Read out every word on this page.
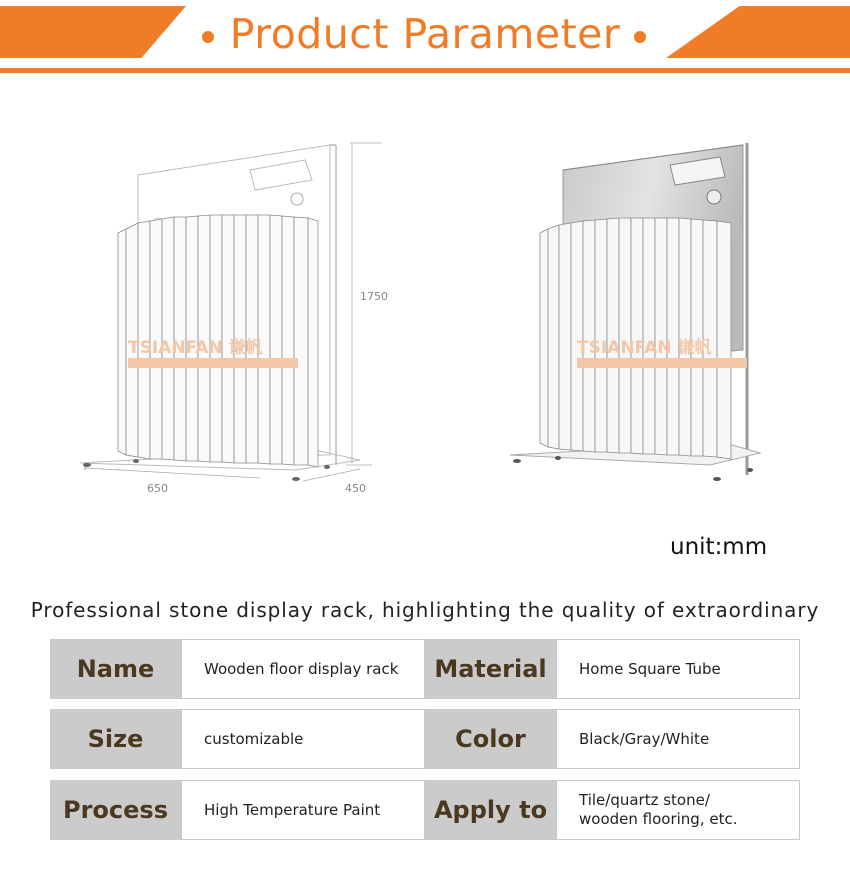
Product Parameter
TSIANFAN 谦帆
1750
650	450
TSIANFAN 谦帆
unit:mm
Professional stone display rack, highlighting the quality of extraordinary
Name	Wooden floor display rack	Material	Home Square Tube
Size	customizable	Color	Black/Gray/White
Process	High Temperature Paint	Apply to	Tile/quartz stone/
wooden flooring, etc.
